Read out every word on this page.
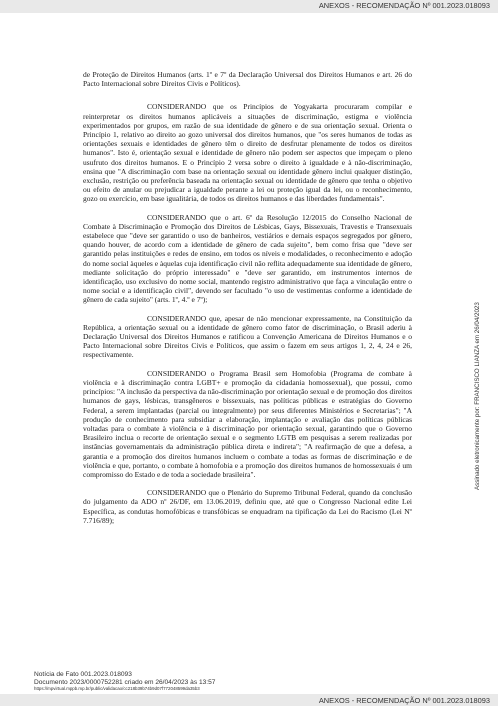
ANEXOS - RECOMENDAÇÃO Nº 001.2023.018093

de Proteção de Direitos Humanos (arts. 1º e 7º da Declaração Universal dos Direitos Humanos e art. 26 do Pacto Internacional sobre Direitos Civis e Políticos).

CONSIDERANDO que os Princípios de Yogyakarta procuraram compilar e reinterpretar os direitos humanos aplicáveis a situações de discriminação, estigma e violência experimentados por grupos, em razão de sua identidade de gênero e de sua orientação sexual. Orienta o Princípio 1, relativo ao direito ao gozo universal dos direitos humanos, que "os seres humanos de todas as orientações sexuais e identidades de gênero têm o direito de desfrutar plenamente de todos os direitos humanos". Isto é, orientação sexual e identidade de gênero não podem ser aspectos que impeçam o pleno usufruto dos direitos humanos. E o Princípio 2 versa sobre o direito à igualdade e à não-discriminação, ensina que "A discriminação com base na orientação sexual ou identidade gênero inclui qualquer distinção, exclusão, restrição ou preferência baseada na orientação sexual ou identidade de gênero que tenha o objetivo ou efeito de anular ou prejudicar a igualdade perante a lei ou proteção igual da lei, ou o reconhecimento, gozo ou exercício, em base igualitária, de todos os direitos humanos e das liberdades fundamentais".

CONSIDERANDO que o art. 6º da Resolução 12/2015 do Conselho Nacional de Combate à Discriminação e Promoção dos Direitos de Lésbicas, Gays, Bissexuais, Travestis e Transexuais estabelece que "deve ser garantido o uso de banheiros, vestiários e demais espaços segregados por gênero, quando houver, de acordo com a identidade de gênero de cada sujeito", bem como frisa que "deve ser garantido pelas instituições e redes de ensino, em todos os níveis e modalidades, o reconhecimento e adoção do nome social àqueles e àquelas cuja identificação civil não reflita adequadamente sua identidade de gênero, mediante solicitação do próprio interessado" e "deve ser garantido, em instrumentos internos de identificação, uso exclusivo do nome social, mantendo registro administrativo que faça a vinculação entre o nome social e a identificação civil", devendo ser facultado "o uso de vestimentas conforme a identidade de gênero de cada sujeito" (arts. 1º, 4.º e 7º);

CONSIDERANDO que, apesar de não mencionar expressamente, na Constituição da República, a orientação sexual ou a identidade de gênero como fator de discriminação, o Brasil aderiu à Declaração Universal dos Direitos Humanos e ratificou a Convenção Americana de Direitos Humanos e o Pacto Internacional sobre Direitos Civis e Políticos, que assim o fazem em seus artigos 1, 2, 4, 24 e 26, respectivamente.

CONSIDERANDO o Programa Brasil sem Homofobia (Programa de combate à violência e à discriminação contra LGBT+ e promoção da cidadania homossexual), que possui, como princípios: "A inclusão da perspectiva da não-discriminação por orientação sexual e de promoção dos direitos humanos de gays, lésbicas, transgêneros e bissexuais, nas políticas públicas e estratégias do Governo Federal, a serem implantadas (parcial ou integralmente) por seus diferentes Ministérios e Secretarias"; "A produção de conhecimento para subsidiar a elaboração, implantação e avaliação das políticas públicas voltadas para o combate à violência e à discriminação por orientação sexual, garantindo que o Governo Brasileiro inclua o recorte de orientação sexual e o segmento LGTB em pesquisas a serem realizadas por instâncias governamentais da administração pública direta e indireta"; "A reafirmação de que a defesa, a garantia e a promoção dos direitos humanos incluem o combate a todas as formas de discriminação e de violência e que, portanto, o combate à homofobia e a promoção dos direitos humanos de homossexuais é um compromisso do Estado e de toda a sociedade brasileira".

CONSIDERANDO que o Plenário do Supremo Tribunal Federal, quando da conclusão do julgamento da ADO nº 26/DF, em 13.06.2019, definiu que, até que o Congresso Nacional edite Lei Específica, as condutas homofóbicas e transfóbicas se enquadram na tipificação da Lei do Racismo (Lei Nº 7.716/89);

Assinado eletronicamente por: FRANCISCO LIANZA em 26/04/2023
Notícia de Fato 001.2023.018093
Documento 2023/0000752281 criado em 26/04/2023 às 13:57
https://mpvirtual.mppb.mp.br/public/validacao/cc218b39b74b9d07f772048599da35b3
ANEXOS - RECOMENDAÇÃO Nº 001.2023.018093
